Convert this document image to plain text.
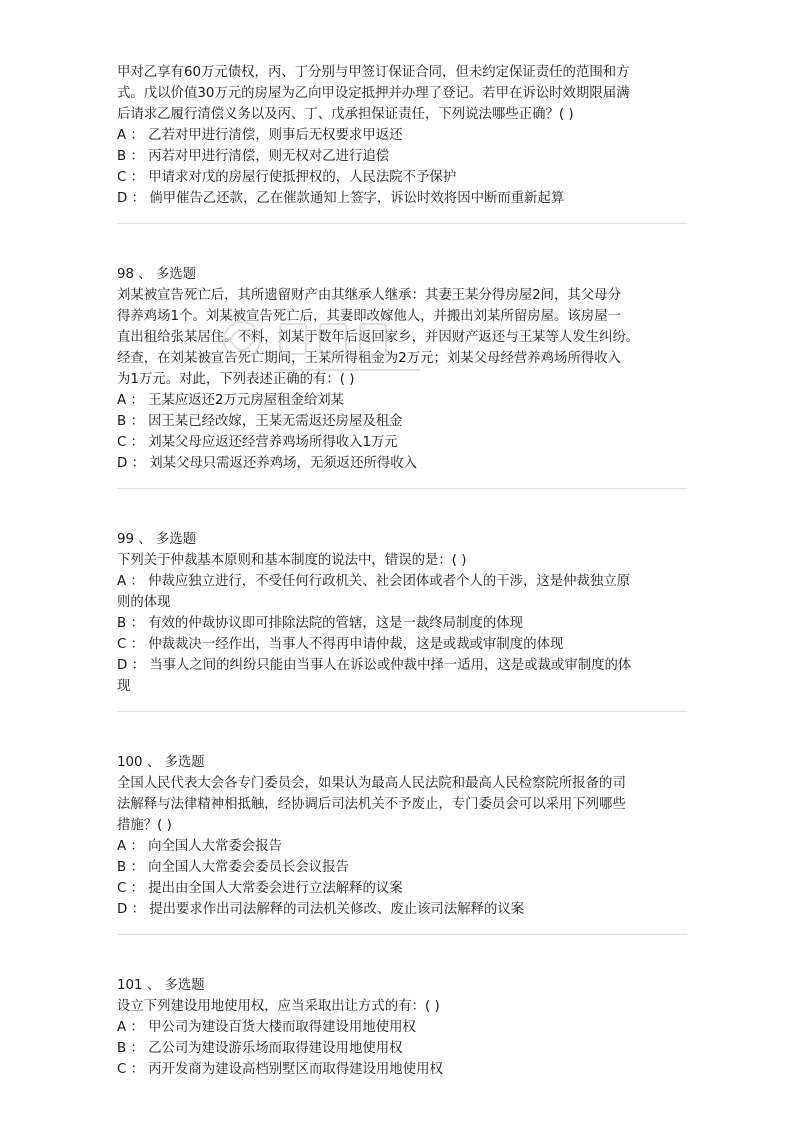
甲对乙享有60万元债权，丙、丁分别与甲签订保证合同，但未约定保证责任的范围和方

式。戊以价值30万元的房屋为乙向甲设定抵押并办理了登记。若甲在诉讼时效期限届满

后请求乙履行清偿义务以及丙、丁、戊承担保证责任，下列说法哪些正确？( )

A ： 乙若对甲进行清偿，则事后无权要求甲返还

B ： 丙若对甲进行清偿，则无权对乙进行追偿

C ： 甲请求对戊的房屋行使抵押权的，人民法院不予保护

D ： 倘甲催告乙还款，乙在催款通知上签字，诉讼时效将因中断而重新起算

98 、 多选题

刘某被宣告死亡后，其所遗留财产由其继承人继承：其妻王某分得房屋2间，其父母分

得养鸡场1个。刘某被宣告死亡后，其妻即改嫁他人，并搬出刘某所留房屋。该房屋一

直出租给张某居住。不料，刘某于数年后返回家乡，并因财产返还与王某等人发生纠纷。

经查，在刘某被宣告死亡期间，王某所得租金为2万元；刘某父母经营养鸡场所得收入

为1万元。对此，下列表述正确的有：( )

A ： 王某应返还2万元房屋租金给刘某

B ： 因王某已经改嫁，王某无需返还房屋及租金

C ： 刘某父母应返还经营养鸡场所得收入1万元

D ： 刘某父母只需返还养鸡场，无须返还所得收入

99 、 多选题

下列关于仲裁基本原则和基本制度的说法中，错误的是：( )

A ： 仲裁应独立进行，不受任何行政机关、社会团体或者个人的干涉，这是仲裁独立原

则的体现

B ： 有效的仲裁协议即可排除法院的管辖，这是一裁终局制度的体现

C ： 仲裁裁决一经作出，当事人不得再申请仲裁，这是或裁或审制度的体现

D ： 当事人之间的纠纷只能由当事人在诉讼或仲裁中择一适用，这是或裁或审制度的体

现

100 、 多选题

全国人民代表大会各专门委员会，如果认为最高人民法院和最高人民检察院所报备的司

法解释与法律精神相抵触，经协调后司法机关不予废止，专门委员会可以采用下列哪些

措施？( )

A ： 向全国人大常委会报告

B ： 向全国人大常委会委员长会议报告

C ： 提出由全国人大常委会进行立法解释的议案

D ： 提出要求作出司法解释的司法机关修改、废止该司法解释的议案

101 、 多选题

设立下列建设用地使用权，应当采取出让方式的有：( )

A ： 甲公司为建设百货大楼而取得建设用地使用权

B ： 乙公司为建设游乐场而取得建设用地使用权

C ： 丙开发商为建设高档别墅区而取得建设用地使用权
